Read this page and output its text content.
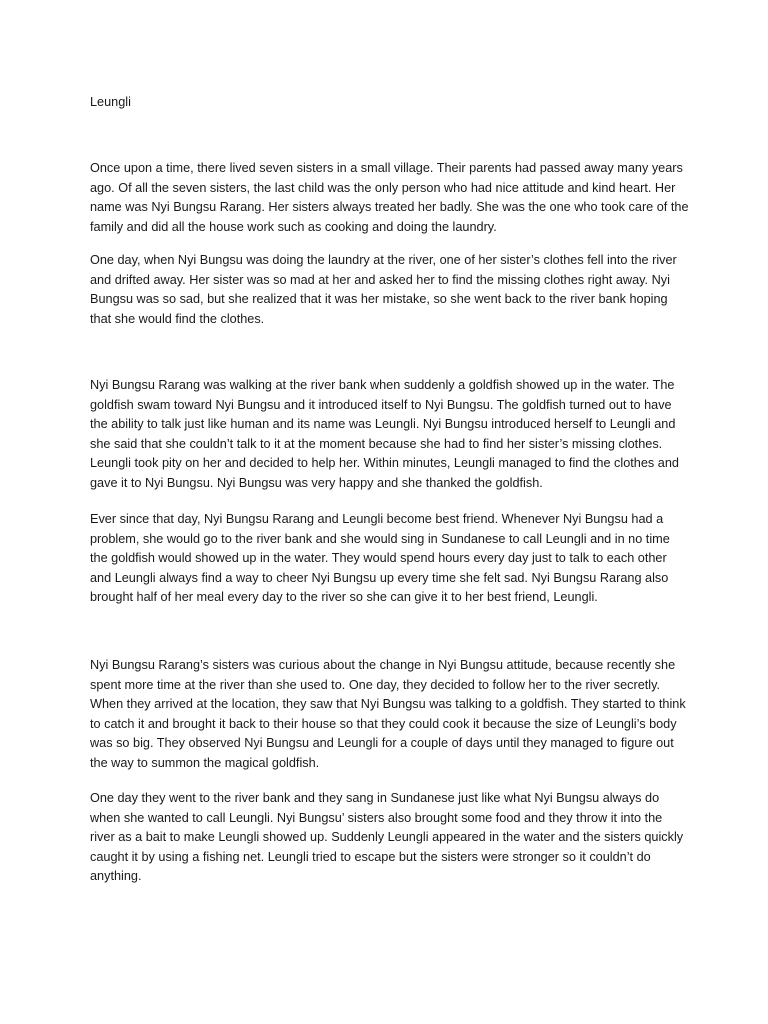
Leungli

Once upon a time, there lived seven sisters in a small village. Their parents had passed away many years ago. Of all the seven sisters, the last child was the only person who had nice attitude and kind heart. Her name was Nyi Bungsu Rarang. Her sisters always treated her badly. She was the one who took care of the family and did all the house work such as cooking and doing the laundry.

One day, when Nyi Bungsu was doing the laundry at the river, one of her sister’s clothes fell into the river and drifted away. Her sister was so mad at her and asked her to find the missing clothes right away. Nyi Bungsu was so sad, but she realized that it was her mistake, so she went back to the river bank hoping that she would find the clothes.

Nyi Bungsu Rarang was walking at the river bank when suddenly a goldfish showed up in the water. The goldfish swam toward Nyi Bungsu and it introduced itself to Nyi Bungsu. The goldfish turned out to have the ability to talk just like human and its name was Leungli. Nyi Bungsu introduced herself to Leungli and she said that she couldn’t talk to it at the moment because she had to find her sister’s missing clothes. Leungli took pity on her and decided to help her. Within minutes, Leungli managed to find the clothes and gave it to Nyi Bungsu. Nyi Bungsu was very happy and she thanked the goldfish.

Ever since that day, Nyi Bungsu Rarang and Leungli become best friend. Whenever Nyi Bungsu had a problem, she would go to the river bank and she would sing in Sundanese to call Leungli and in no time the goldfish would showed up in the water. They would spend hours every day just to talk to each other and Leungli always find a way to cheer Nyi Bungsu up every time she felt sad. Nyi Bungsu Rarang also brought half of her meal every day to the river so she can give it to her best friend, Leungli.

Nyi Bungsu Rarang’s sisters was curious about the change in Nyi Bungsu attitude, because recently she spent more time at the river than she used to. One day, they decided to follow her to the river secretly. When they arrived at the location, they saw that Nyi Bungsu was talking to a goldfish. They started to think to catch it and brought it back to their house so that they could cook it because the size of Leungli’s body was so big. They observed Nyi Bungsu and Leungli for a couple of days until they managed to figure out the way to summon the magical goldfish.

One day they went to the river bank and they sang in Sundanese just like what Nyi Bungsu always do when she wanted to call Leungli. Nyi Bungsu’ sisters also brought some food and they throw it into the river as a bait to make Leungli showed up. Suddenly Leungli appeared in the water and the sisters quickly caught it by using a fishing net. Leungli tried to escape but the sisters were stronger so it couldn’t do anything.
